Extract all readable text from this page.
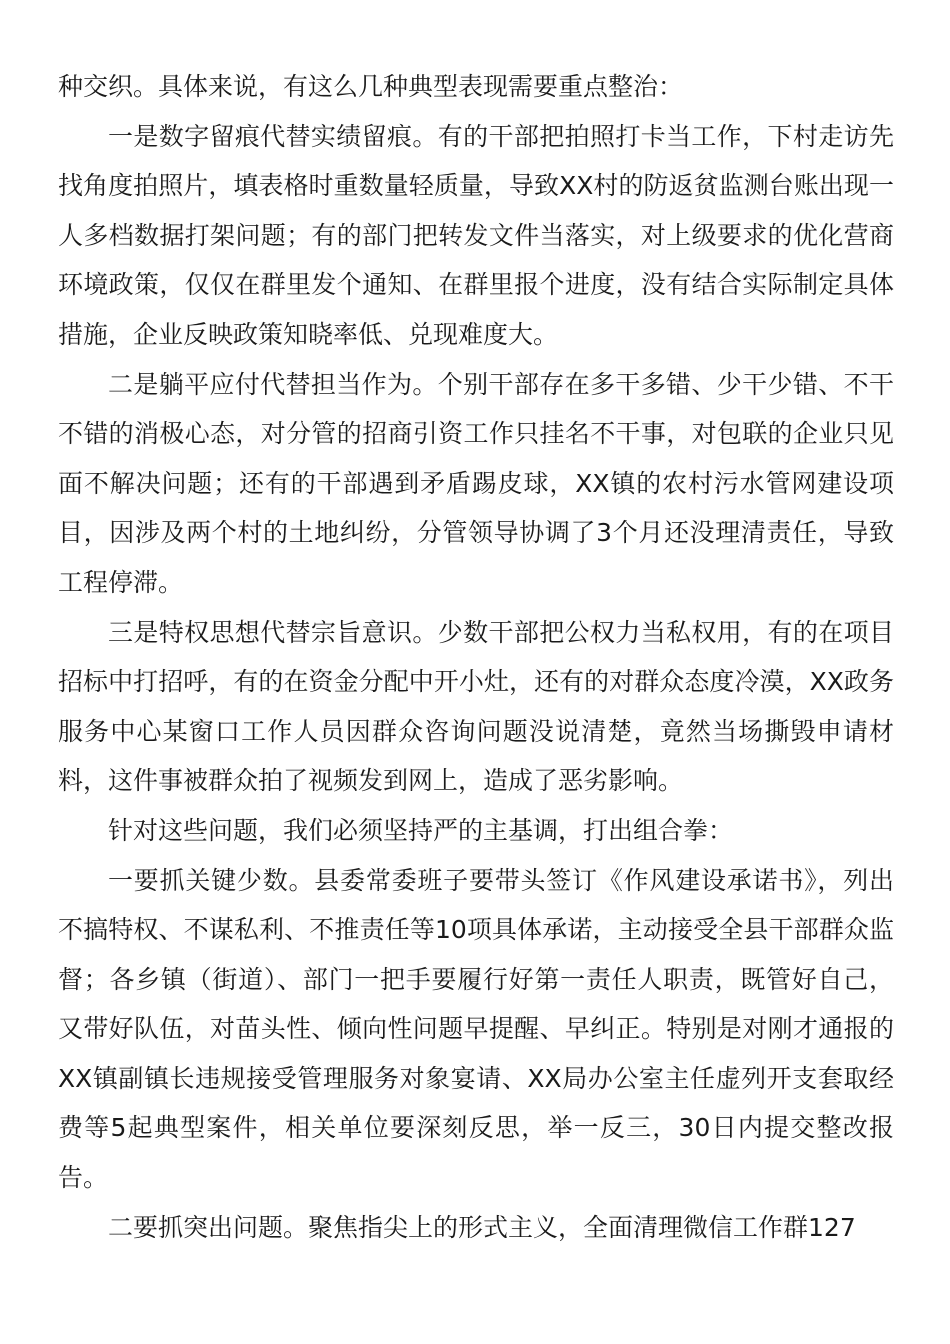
种交织。具体来说，有这么几种典型表现需要重点整治：

一是数字留痕代替实绩留痕。有的干部把拍照打卡当工作，下村走访先找角度拍照片，填表格时重数量轻质量，导致XX村的防返贫监测台账出现一人多档数据打架问题；有的部门把转发文件当落实，对上级要求的优化营商环境政策，仅仅在群里发个通知、在群里报个进度，没有结合实际制定具体措施，企业反映政策知晓率低、兑现难度大。

二是躺平应付代替担当作为。个别干部存在多干多错、少干少错、不干不错的消极心态，对分管的招商引资工作只挂名不干事，对包联的企业只见面不解决问题；还有的干部遇到矛盾踢皮球，XX镇的农村污水管网建设项目，因涉及两个村的土地纠纷，分管领导协调了3个月还没理清责任，导致工程停滞。

三是特权思想代替宗旨意识。少数干部把公权力当私权用，有的在项目招标中打招呼，有的在资金分配中开小灶，还有的对群众态度冷漠，XX政务服务中心某窗口工作人员因群众咨询问题没说清楚，竟然当场撕毁申请材料，这件事被群众拍了视频发到网上，造成了恶劣影响。

针对这些问题，我们必须坚持严的主基调，打出组合拳：

一要抓关键少数。县委常委班子要带头签订《作风建设承诺书》，列出不搞特权、不谋私利、不推责任等10项具体承诺，主动接受全县干部群众监督；各乡镇（街道）、部门一把手要履行好第一责任人职责，既管好自己，又带好队伍，对苗头性、倾向性问题早提醒、早纠正。特别是对刚才通报的XX镇副镇长违规接受管理服务对象宴请、XX局办公室主任虚列开支套取经费等5起典型案件，相关单位要深刻反思，举一反三，30日内提交整改报告。

二要抓突出问题。聚焦指尖上的形式主义，全面清理微信工作群127
